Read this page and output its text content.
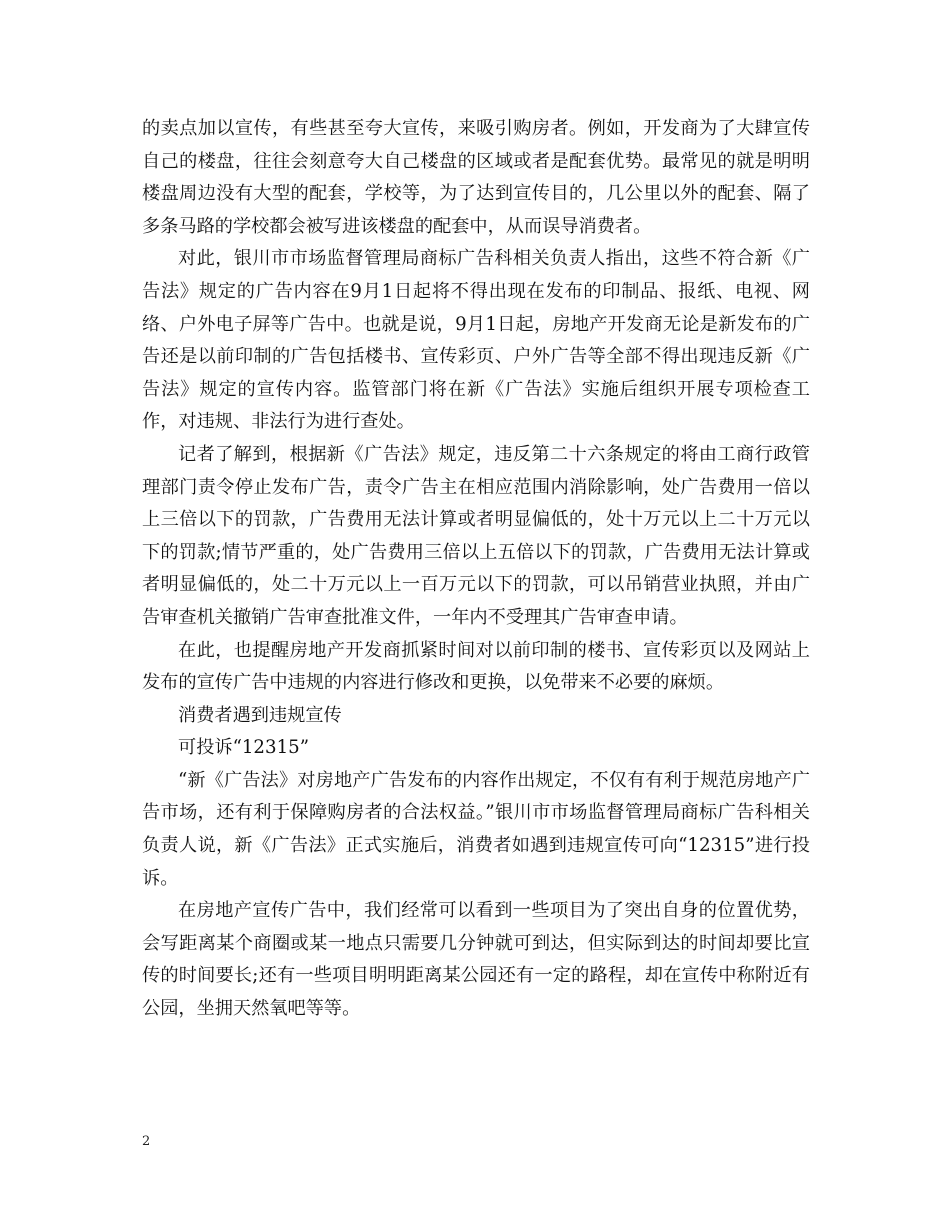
的卖点加以宣传，有些甚至夸大宣传，来吸引购房者。例如，开发商为了大肆宣传自己的楼盘，往往会刻意夸大自己楼盘的区域或者是配套优势。最常见的就是明明楼盘周边没有大型的配套，学校等，为了达到宣传目的，几公里以外的配套、隔了多条马路的学校都会被写进该楼盘的配套中，从而误导消费者。

对此，银川市市场监督管理局商标广告科相关负责人指出，这些不符合新《广告法》规定的广告内容在9月1日起将不得出现在发布的印制品、报纸、电视、网络、户外电子屏等广告中。也就是说，9月1日起，房地产开发商无论是新发布的广告还是以前印制的广告包括楼书、宣传彩页、户外广告等全部不得出现违反新《广告法》规定的宣传内容。监管部门将在新《广告法》实施后组织开展专项检查工作，对违规、非法行为进行查处。

记者了解到，根据新《广告法》规定，违反第二十六条规定的将由工商行政管理部门责令停止发布广告，责令广告主在相应范围内消除影响，处广告费用一倍以上三倍以下的罚款，广告费用无法计算或者明显偏低的，处十万元以上二十万元以下的罚款;情节严重的，处广告费用三倍以上五倍以下的罚款，广告费用无法计算或者明显偏低的，处二十万元以上一百万元以下的罚款，可以吊销营业执照，并由广告审查机关撤销广告审查批准文件，一年内不受理其广告审查申请。

在此，也提醒房地产开发商抓紧时间对以前印制的楼书、宣传彩页以及网站上发布的宣传广告中违规的内容进行修改和更换，以免带来不必要的麻烦。

消费者遇到违规宣传

可投诉“12315”

“新《广告法》对房地产广告发布的内容作出规定，不仅有有利于规范房地产广告市场，还有利于保障购房者的合法权益。”银川市市场监督管理局商标广告科相关负责人说，新《广告法》正式实施后，消费者如遇到违规宣传可向“12315”进行投诉。

在房地产宣传广告中，我们经常可以看到一些项目为了突出自身的位置优势，会写距离某个商圈或某一地点只需要几分钟就可到达，但实际到达的时间却要比宣传的时间要长;还有一些项目明明距离某公园还有一定的路程，却在宣传中称附近有公园，坐拥天然氧吧等等。

2
